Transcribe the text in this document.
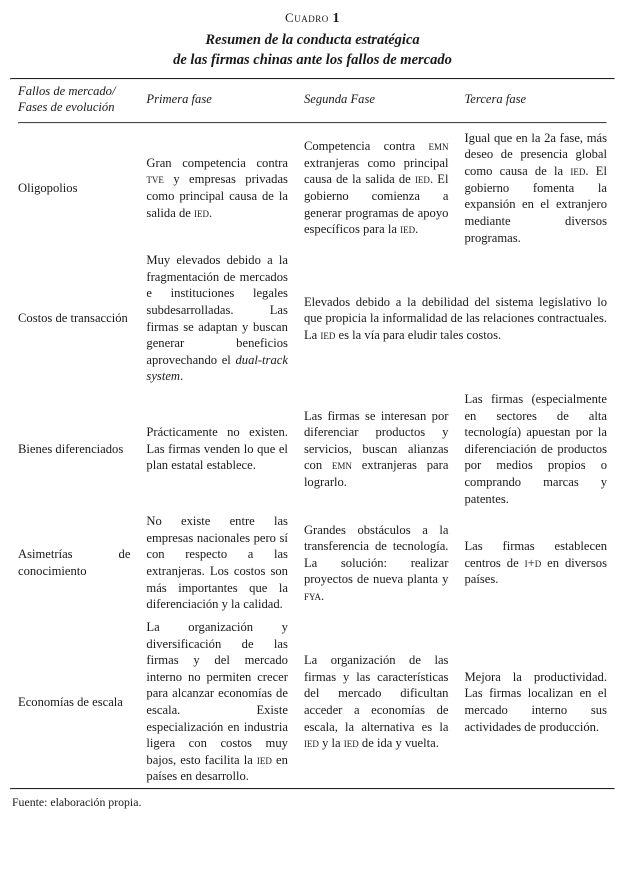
Cuadro 1
Resumen de la conducta estratégica
de las firmas chinas ante los fallos de mercado
Fallos de mercado/
Fases de evolución	Primera fase	Segunda Fase	Tercera fase

Oligopolios	Gran competencia contra tve y empresas privadas como principal causa de la salida de ied.	Competencia contra emn extranjeras como principal causa de la salida de ied. El gobierno comienza a generar programas de apoyo específicos para la ied.	Igual que en la 2a fase, más deseo de presencia global como causa de la ied. El gobierno fomenta la expansión en el extranjero mediante diversos programas.

Costos de transacción	Muy elevados debido a la fragmentación de mercados e instituciones legales subdesarrolladas. Las firmas se adaptan y buscan generar beneficios aprovechando el dual-track system.	Elevados debido a la debilidad del sistema legislativo lo que propicia la informalidad de las relaciones contractuales. La ied es la vía para eludir tales costos.	

Bienes diferenciados	Prácticamente no existen. Las firmas venden lo que el plan estatal establece.	Las firmas se interesan por diferenciar productos y servicios, buscan alianzas con emn extranjeras para lograrlo.	Las firmas (especialmente en sectores de alta tecnología) apuestan por la diferenciación de productos por medios propios o comprando marcas y patentes.

Asimetrías de conocimiento	No existe entre las empresas nacionales pero sí con respecto a las extranjeras. Los costos son más importantes que la diferenciación y la calidad.	Grandes obstáculos a la transferencia de tecnología. La solución: realizar proyectos de nueva planta y fya.	Las firmas establecen centros de i+d en diversos países.

Economías de escala	La organización y diversificación de las firmas y del mercado interno no permiten crecer para alcanzar economías de escala. Existe especialización en industria ligera con costos muy bajos, esto facilita la ied en países en desarrollo.	La organización de las firmas y las características del mercado dificultan acceder a economías de escala, la alternativa es la ied y la ied de ida y vuelta.	Mejora la productividad. Las firmas localizan en el mercado interno sus actividades de producción.
Fuente: elaboración propia.
